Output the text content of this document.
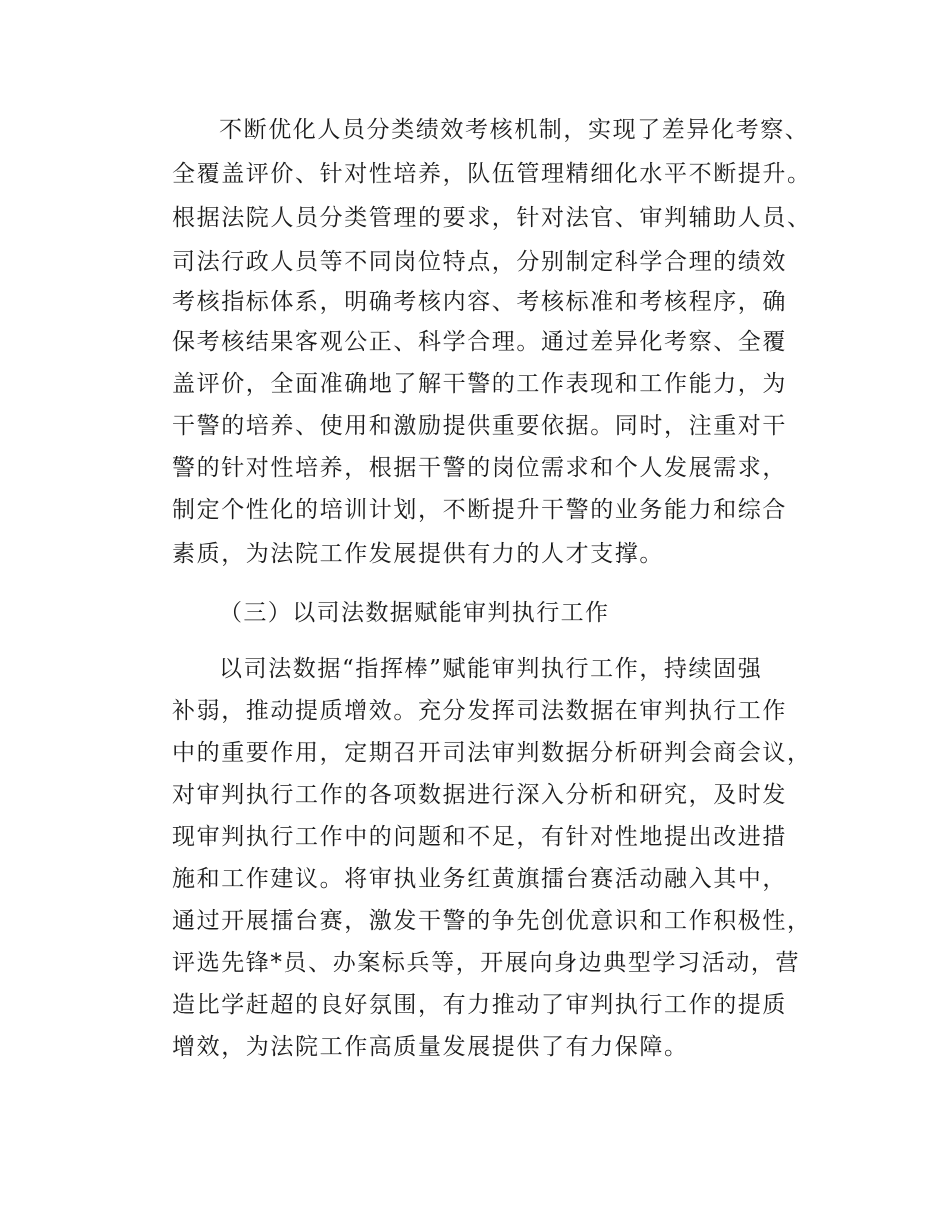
不断优化人员分类绩效考核机制，实现了差异化考察、
全覆盖评价、针对性培养，队伍管理精细化水平不断提升。
根据法院人员分类管理的要求，针对法官、审判辅助人员、
司法行政人员等不同岗位特点，分别制定科学合理的绩效
考核指标体系，明确考核内容、考核标准和考核程序，确
保考核结果客观公正、科学合理。通过差异化考察、全覆
盖评价，全面准确地了解干警的工作表现和工作能力，为
干警的培养、使用和激励提供重要依据。同时，注重对干
警的针对性培养，根据干警的岗位需求和个人发展需求，
制定个性化的培训计划，不断提升干警的业务能力和综合
素质，为法院工作发展提供有力的人才支撑。
（三）以司法数据赋能审判执行工作
以司法数据“指挥棒”赋能审判执行工作，持续固强
补弱，推动提质增效。充分发挥司法数据在审判执行工作
中的重要作用，定期召开司法审判数据分析研判会商会议，
对审判执行工作的各项数据进行深入分析和研究，及时发
现审判执行工作中的问题和不足，有针对性地提出改进措
施和工作建议。将审执业务红黄旗擂台赛活动融入其中，
通过开展擂台赛，激发干警的争先创优意识和工作积极性，
评选先锋*员、办案标兵等，开展向身边典型学习活动，营
造比学赶超的良好氛围，有力推动了审判执行工作的提质
增效，为法院工作高质量发展提供了有力保障。
